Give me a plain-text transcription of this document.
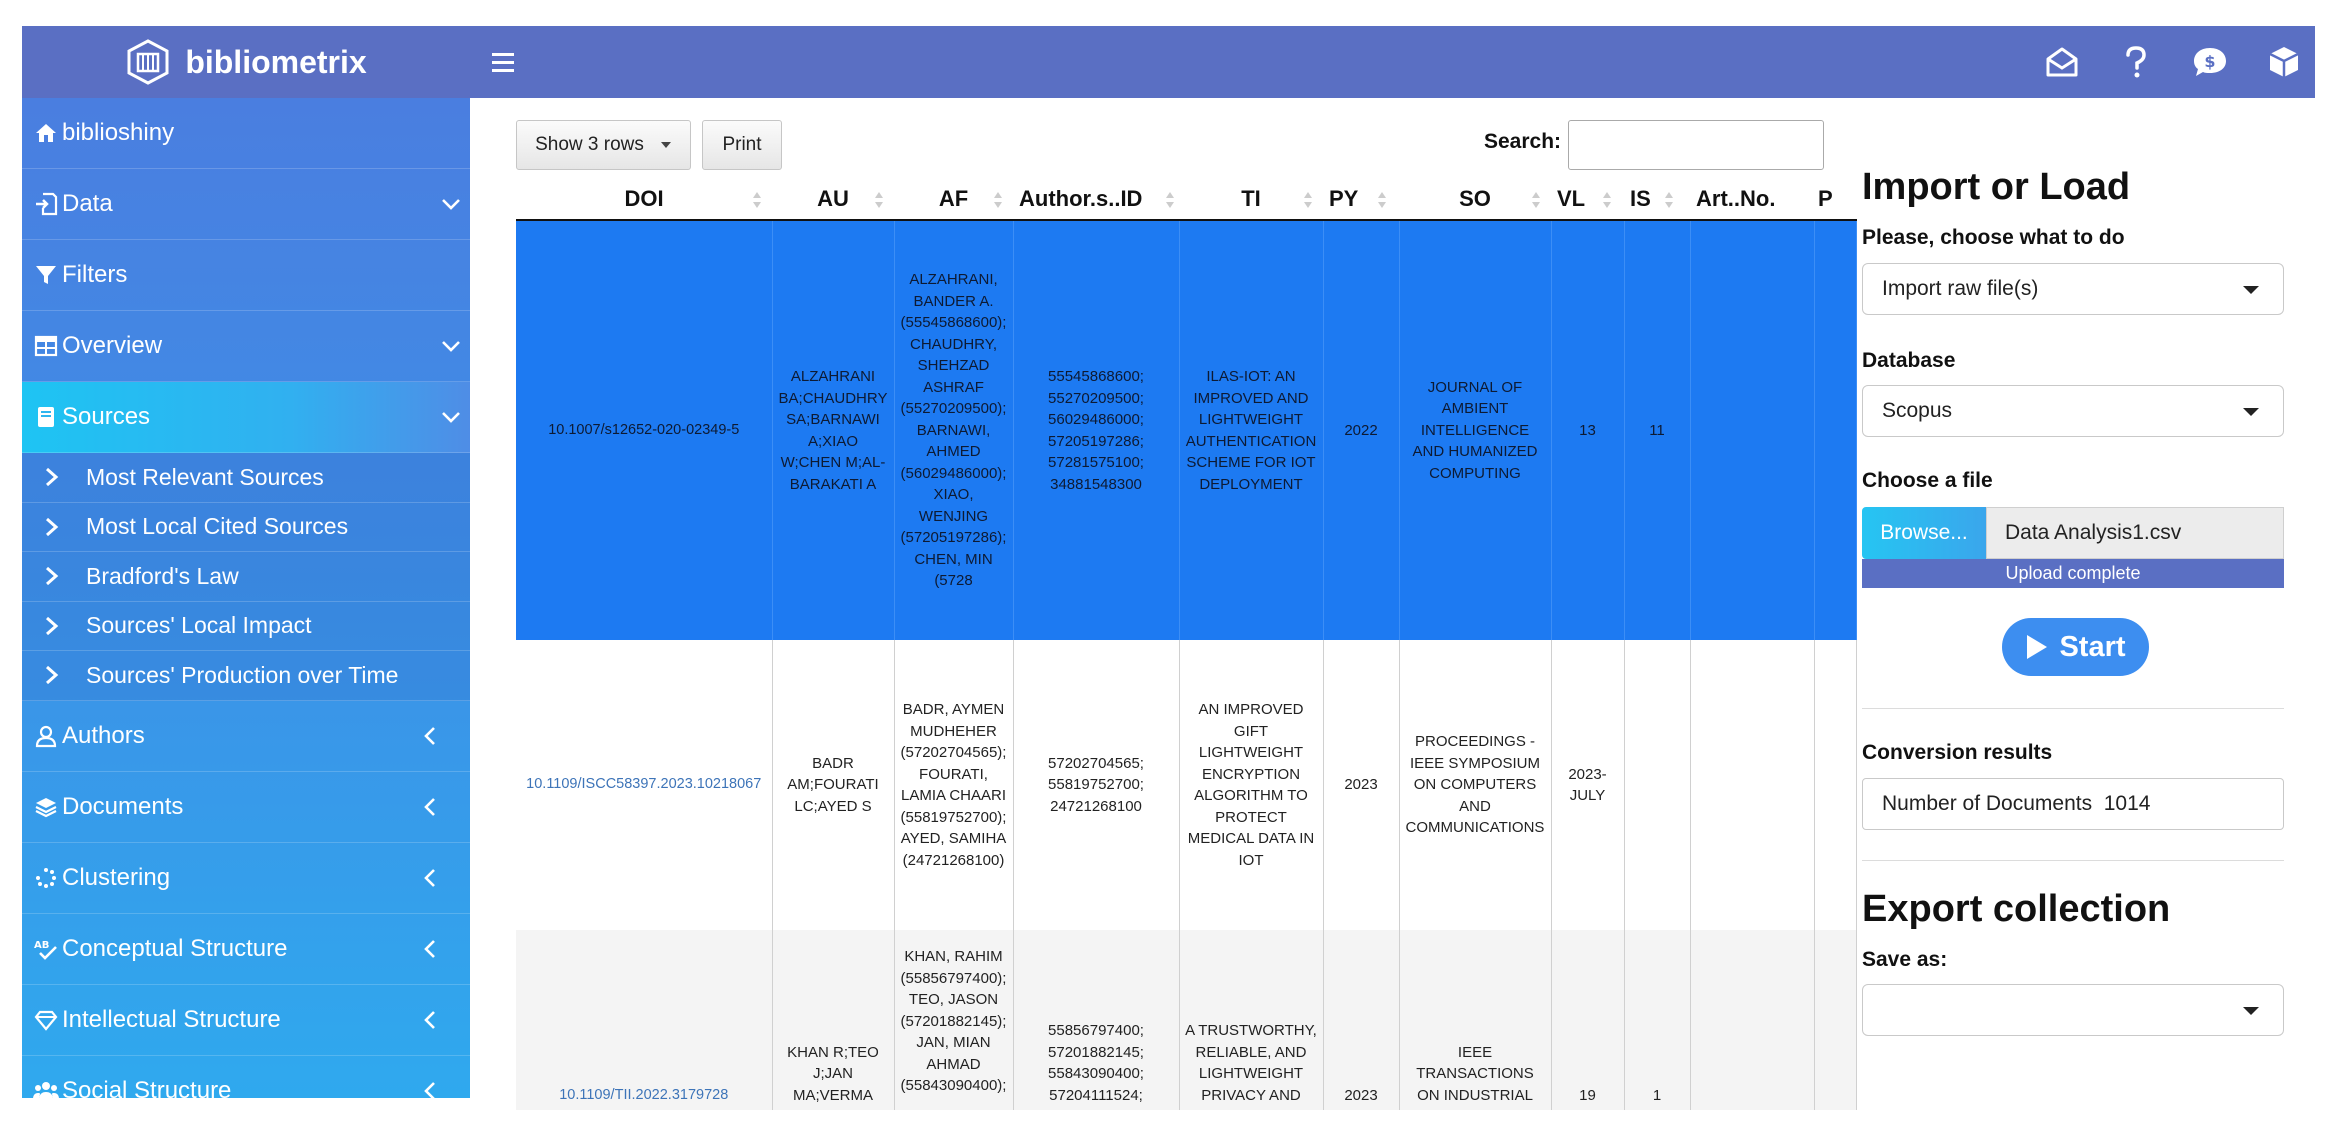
bibliometrix	$
biblioshiny
Data
Filters
Overview
Sources
Most Relevant Sources
Most Local Cited Sources
Bradford's Law
Sources' Local Impact
Sources' Production over Time
Authors
Documents
Clustering
AB Conceptual Structure
Intellectual Structure
Social Structure
Show 3 rows	Print	Search:
DOI	AU	AF	Author.s..ID	TI	PY	SO	VL	IS	Art..No.	P
10.1007/s12652-020-02349-5	ALZAHRANI BA;CHAUDHRY SA;BARNAWI A;XIAO W;CHEN M;AL-BARAKATI A	ALZAHRANI, BANDER A. (55545868600); CHAUDHRY, SHEHZAD ASHRAF (55270209500); BARNAWI, AHMED (56029486000); XIAO, WENJING (57205197286); CHEN, MIN (5728	55545868600; 55270209500; 56029486000; 57205197286; 57281575100; 34881548300	ILAS-IOT: AN IMPROVED AND LIGHTWEIGHT AUTHENTICATION SCHEME FOR IOT DEPLOYMENT	2022	JOURNAL OF AMBIENT INTELLIGENCE AND HUMANIZED COMPUTING	13	11		
10.1109/ISCC58397.2023.10218067	BADR AM;FOURATI LC;AYED S	BADR, AYMEN MUDHEHER (57202704565); FOURATI, LAMIA CHAARI (55819752700); AYED, SAMIHA (24721268100)	57202704565; 55819752700; 24721268100	AN IMPROVED GIFT LIGHTWEIGHT ENCRYPTION ALGORITHM TO PROTECT MEDICAL DATA IN IOT	2023	PROCEEDINGS - IEEE SYMPOSIUM ON COMPUTERS AND COMMUNICATIONS	2023-JULY			
10.1109/TII.2022.3179728	KHAN R;TEO J;JAN MA;VERMA	KHAN, RAHIM (55856797400); TEO, JASON (57201882145); JAN, MIAN AHMAD (55843090400);	55856797400; 57201882145; 55843090400; 57204111524;	A TRUSTWORTHY, RELIABLE, AND LIGHTWEIGHT PRIVACY AND	2023	IEEE TRANSACTIONS ON INDUSTRIAL	19	1		
Import or Load
Please, choose what to do
Import raw file(s)
Database
Scopus
Choose a file
Browse...	Data Analysis1.csv
Upload complete
Start
Conversion results
Number of Documents  1014
Export collection
Save as:
